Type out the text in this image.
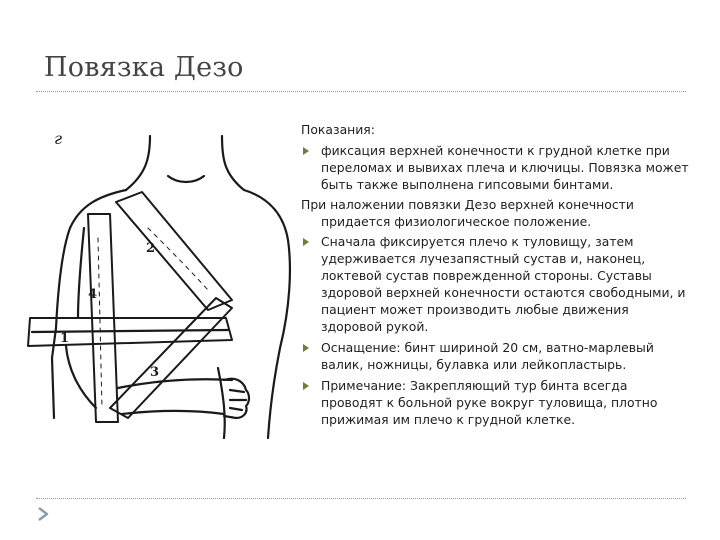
Повязка Дезо
г
1
2
3
4

Показания:

фиксация верхней конечности к грудной клетке при переломах и вывихах плеча и ключицы. Повязка может быть также выполнена гипсовыми бинтами.

При наложении повязки Дезо верхней конечности придается физиологическое положение.

Сначала фиксируется плечо к туловищу, затем удерживается лучезапястный сустав и, наконец, локтевой сустав поврежденной стороны. Суставы здоровой верхней конечности остаются свободными, и пациент может производить любые движения здоровой рукой.
Оснащение: бинт шириной 20 см, ватно-марлевый валик, ножницы, булавка или лейкопластырь.
Примечание: Закрепляющий тур бинта всегда проводят к больной руке вокруг туловища, плотно прижимая им плечо к грудной клетке.
